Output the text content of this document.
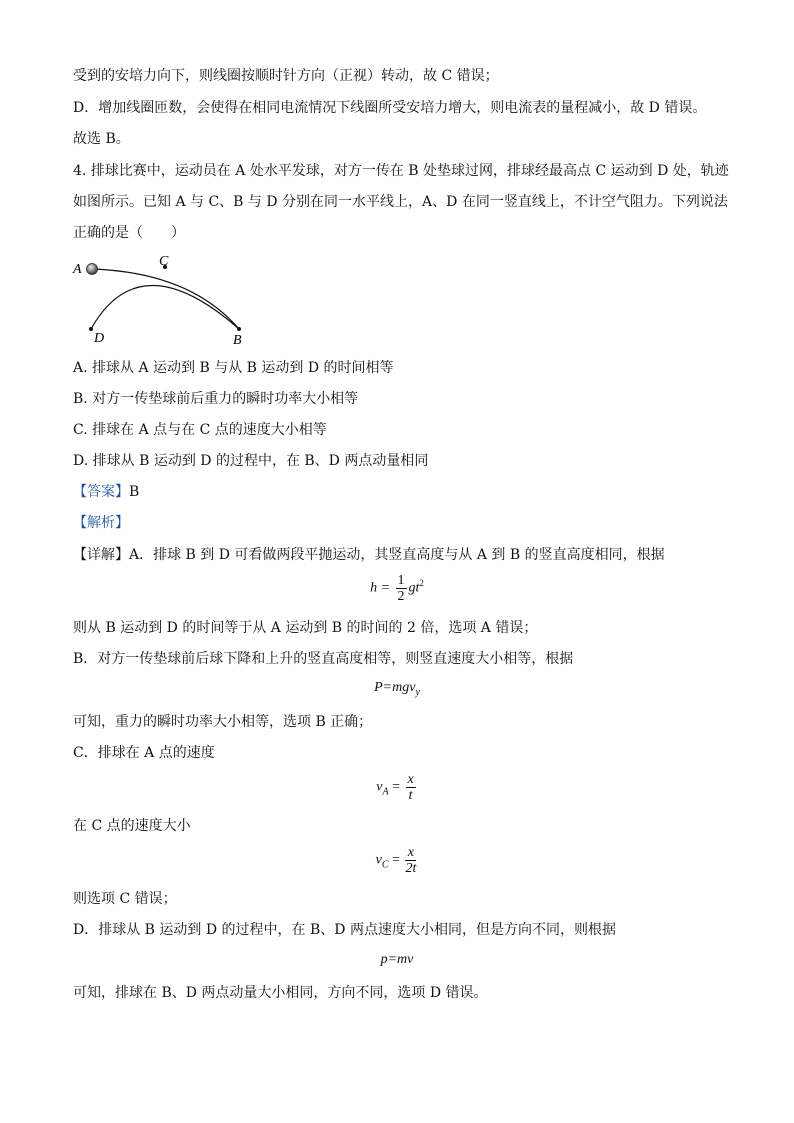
受到的安培力向下，则线圈按顺时针方向（正视）转动，故 C 错误；
D．增加线圈匝数，会使得在相同电流情况下线圈所受安培力增大，则电流表的量程减小，故 D 错误。
故选 B。
4. 排球比赛中，运动员在 A 处水平发球，对方一传在 B 处垫球过网，排球经最高点 C 运动到 D 处，轨迹
如图所示。已知 A 与 C、B 与 D 分别在同一水平线上，A、D 在同一竖直线上，不计空气阻力。下列说法
正确的是（　　）
A
C
D	B
A. 排球从 A 运动到 B 与从 B 运动到 D 的时间相等
B. 对方一传垫球前后重力的瞬时功率大小相等
C. 排球在 A 点与在 C 点的速度大小相等
D. 排球从 B 运动到 D 的过程中，在 B、D 两点动量相同
【答案】B
【解析】
【详解】A．排球 B 到 D 可看做两段平抛运动，其竖直高度与从 A 到 B 的竖直高度相同，根据
$h = \frac{1}{2} gt^2$
则从 B 运动到 D 的时间等于从 A 运动到 B 的时间的 2 倍，选项 A 错误；
B．对方一传垫球前后球下降和上升的竖直高度相等，则竖直速度大小相等，根据
P=mgv$_y$
可知，重力的瞬时功率大小相等，选项 B 正确；
C．排球在 A 点的速度
$v_A = \frac{x}{t}$
在 C 点的速度大小
$v_C = \frac{x}{2t}$
则选项 C 错误；
D．排球从 B 运动到 D 的过程中，在 B、D 两点速度大小相同，但是方向不同，则根据
p=mv
可知，排球在 B、D 两点动量大小相同，方向不同，选项 D 错误。
